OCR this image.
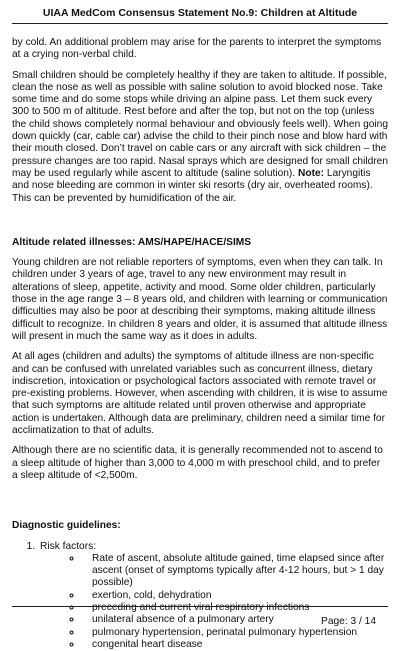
UIAA MedCom Consensus Statement No.9: Children at Altitude

by cold. An additional problem may arise for the parents to interpret the symptoms at a crying non-verbal child.

Small children should be completely healthy if they are taken to altitude. If possible, clean the nose as well as possible with saline solution to avoid blocked nose. Take some time and do some stops while driving an alpine pass. Let them suck every 300 to 500 m of altitude. Rest before and after the top, but not on the top (unless the child shows completely normal behaviour and obviously feels well). When going down quickly (car, cable car) advise the child to their pinch nose and blow hard with their mouth closed. Don’t travel on cable cars or any aircraft with sick children – the pressure changes are too rapid. Nasal sprays which are designed for small children may be used regularly while ascent to altitude (saline solution). Note: Laryngitis and nose bleeding are common in winter ski resorts (dry air, overheated rooms). This can be prevented by humidification of the air.

Altitude related illnesses: AMS/HAPE/HACE/SIMS

Young children are not reliable reporters of symptoms, even when they can talk. In children under 3 years of age, travel to any new environment may result in alterations of sleep, appetite, activity and mood. Some older children, particularly those in the age range 3 – 8 years old, and children with learning or communication difficulties may also be poor at describing their symptoms, making altitude illness difficult to recognize. In children 8 years and older, it is assumed that altitude illness will present in much the same way as it does in adults.

At all ages (children and adults) the symptoms of altitude illness are non-specific and can be confused with unrelated variables such as concurrent illness, dietary indiscretion, intoxication or psychological factors associated with remote travel or pre-existing problems. However, when ascending with children, it is wise to assume that such symptoms are altitude related until proven otherwise and appropriate action is undertaken. Although data are preliminary, children need a similar time for acclimatization to that of adults.

Although there are no scientific data, it is generally recommended not to ascend to a sleep altitude of higher than 3,000 to 4,000 m with preschool child, and to prefer a sleep altitude of <2,500m.

Diagnostic guidelines:

1. Risk factors:
◦ Rate of ascent, absolute altitude gained, time elapsed since after ascent (onset of symptoms typically after 4-12 hours, but > 1 day possible)
◦ exertion, cold, dehydration
◦ preceding and current viral respiratory infections
◦ unilateral absence of a pulmonary artery
◦ pulmonary hypertension, perinatal pulmonary hypertension
◦ congenital heart disease
Page: 3 / 14
